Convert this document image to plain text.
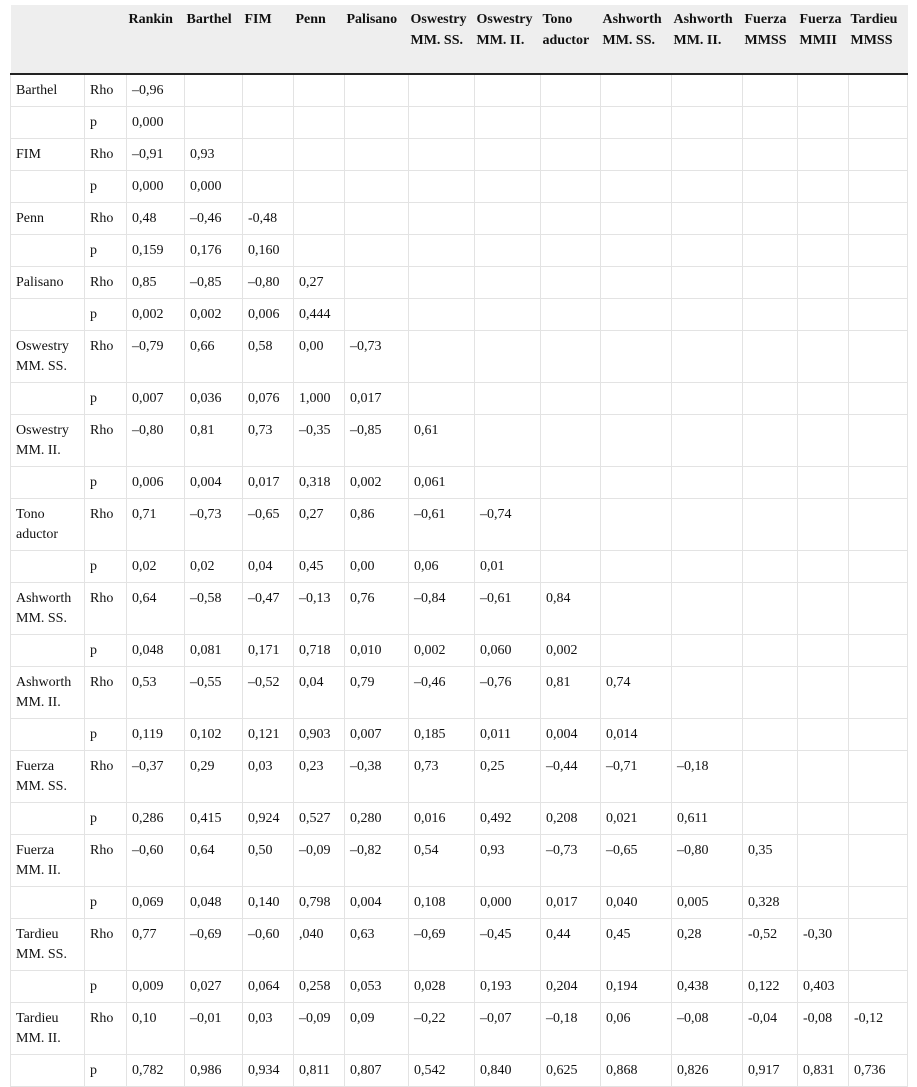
		Rankin	Barthel	FIM	Penn	Palisano	Oswestry MM. SS.	Oswestry MM. II.	Tono aductor	Ashworth MM. SS.	Ashworth MM. II.	Fuerza MMSS	Fuerza MMII	Tardieu MMSS
Barthel	Rho	–0,96												
	p	0,000												
FIM	Rho	–0,91	0,93											
	p	0,000	0,000											
Penn	Rho	0,48	–0,46	-0,48										
	p	0,159	0,176	0,160										
Palisano	Rho	0,85	–0,85	–0,80	0,27									
	p	0,002	0,002	0,006	0,444									
Oswestry MM. SS.	Rho	–0,79	0,66	0,58	0,00	–0,73								
	p	0,007	0,036	0,076	1,000	0,017								
Oswestry MM. II.	Rho	–0,80	0,81	0,73	–0,35	–0,85	0,61							
	p	0,006	0,004	0,017	0,318	0,002	0,061							
Tono aductor	Rho	0,71	–0,73	–0,65	0,27	0,86	–0,61	–0,74						
	p	0,02	0,02	0,04	0,45	0,00	0,06	0,01						
Ashworth MM. SS.	Rho	0,64	–0,58	–0,47	–0,13	0,76	–0,84	–0,61	0,84					
	p	0,048	0,081	0,171	0,718	0,010	0,002	0,060	0,002					
Ashworth MM. II.	Rho	0,53	–0,55	–0,52	0,04	0,79	–0,46	–0,76	0,81	0,74				
	p	0,119	0,102	0,121	0,903	0,007	0,185	0,011	0,004	0,014				
Fuerza MM. SS.	Rho	–0,37	0,29	0,03	0,23	–0,38	0,73	0,25	–0,44	–0,71	–0,18			
	p	0,286	0,415	0,924	0,527	0,280	0,016	0,492	0,208	0,021	0,611			
Fuerza MM. II.	Rho	–0,60	0,64	0,50	–0,09	–0,82	0,54	0,93	–0,73	–0,65	–0,80	0,35		
	p	0,069	0,048	0,140	0,798	0,004	0,108	0,000	0,017	0,040	0,005	0,328		
Tardieu MM. SS.	Rho	0,77	–0,69	–0,60	,040	0,63	–0,69	–0,45	0,44	0,45	0,28	-0,52	-0,30	
	p	0,009	0,027	0,064	0,258	0,053	0,028	0,193	0,204	0,194	0,438	0,122	0,403	
Tardieu MM. II.	Rho	0,10	–0,01	0,03	–0,09	0,09	–0,22	–0,07	–0,18	0,06	–0,08	-0,04	-0,08	-0,12
	p	0,782	0,986	0,934	0,811	0,807	0,542	0,840	0,625	0,868	0,826	0,917	0,831	0,736
